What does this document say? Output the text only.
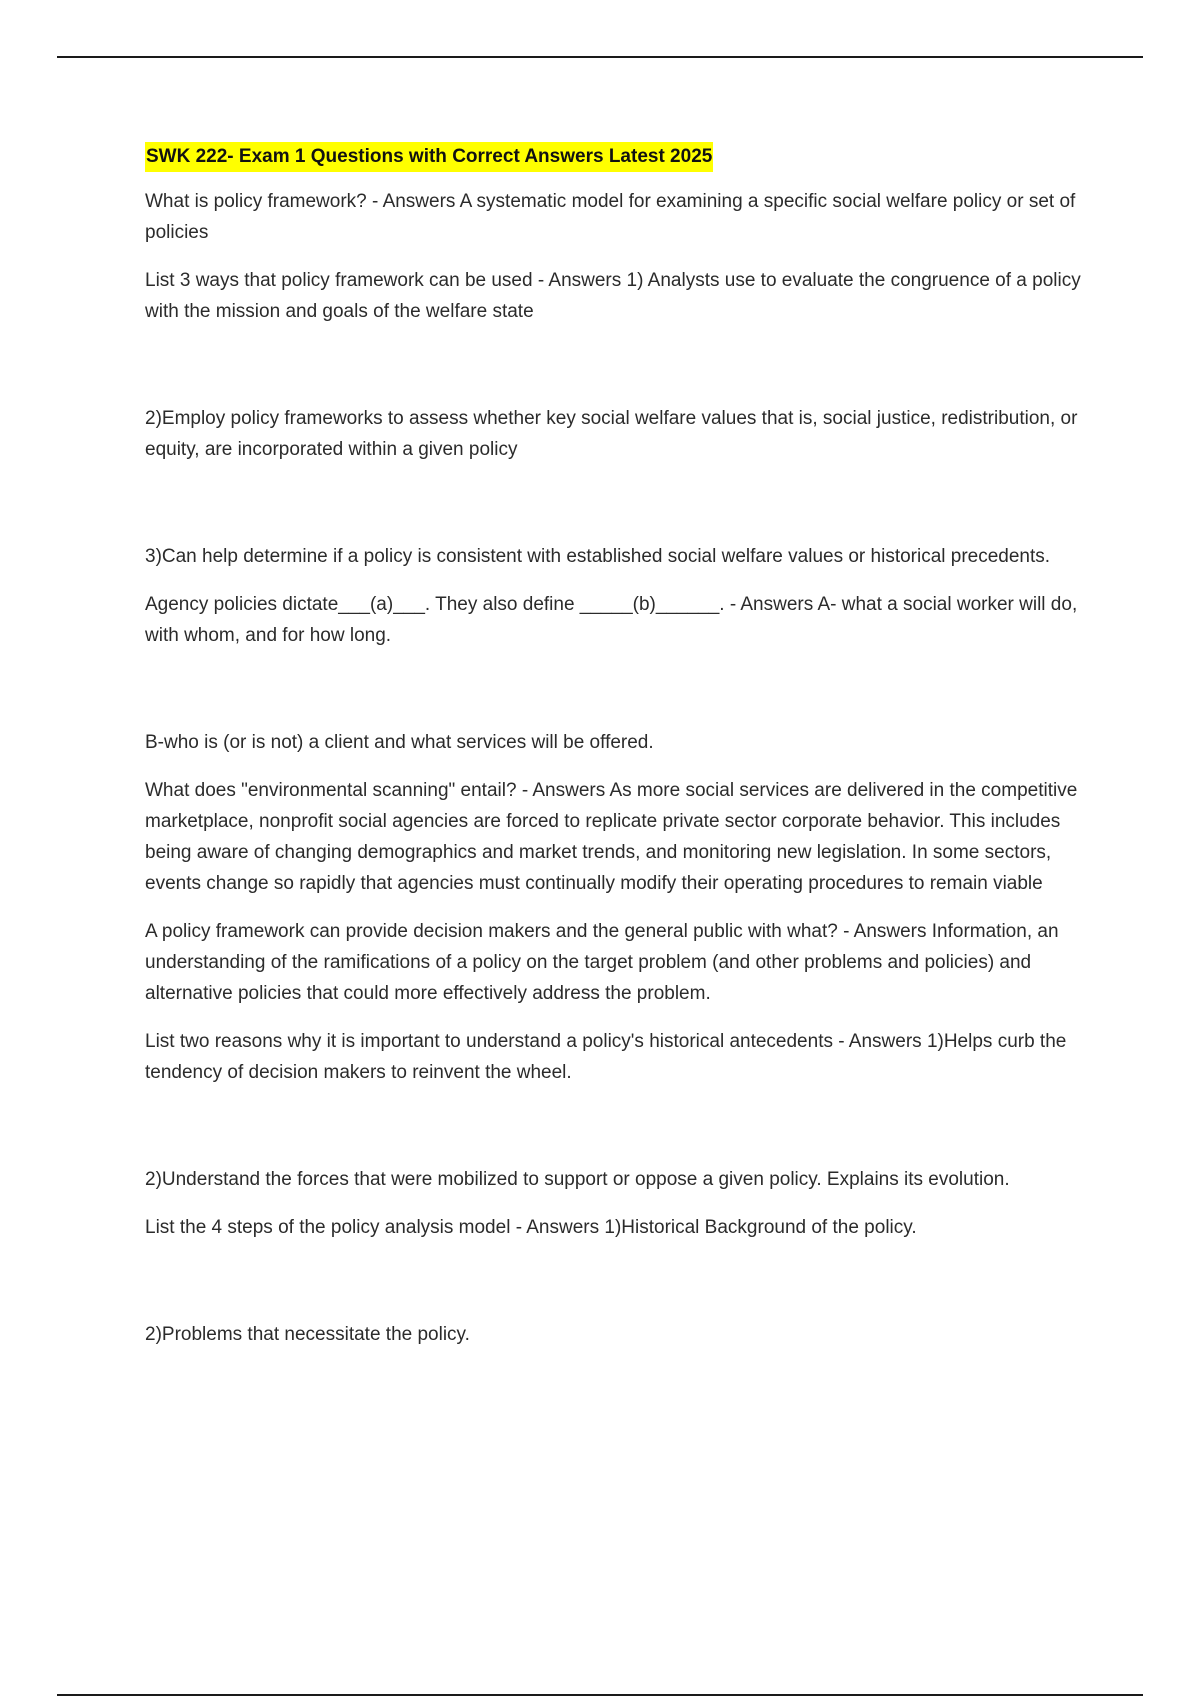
SWK 222- Exam 1 Questions with Correct Answers Latest 2025

What is policy framework? - Answers A systematic model for examining a specific social welfare policy or set of policies

List 3 ways that policy framework can be used - Answers 1) Analysts use to evaluate the congruence of a policy with the mission and goals of the welfare state

2)Employ policy frameworks to assess whether key social welfare values that is, social justice, redistribution, or equity, are incorporated within a given policy

3)Can help determine if a policy is consistent with established social welfare values or historical precedents.

Agency policies dictate___(a)___. They also define _____(b)______. - Answers A- what a social worker will do, with whom, and for how long.

B-who is (or is not) a client and what services will be offered.

What does "environmental scanning" entail? - Answers As more social services are delivered in the competitive marketplace, nonprofit social agencies are forced to replicate private sector corporate behavior. This includes being aware of changing demographics and market trends, and monitoring new legislation. In some sectors, events change so rapidly that agencies must continually modify their operating procedures to remain viable

A policy framework can provide decision makers and the general public with what? - Answers Information, an understanding of the ramifications of a policy on the target problem (and other problems and policies) and alternative policies that could more effectively address the problem.

List two reasons why it is important to understand a policy's historical antecedents - Answers 1)Helps curb the tendency of decision makers to reinvent the wheel.

2)Understand the forces that were mobilized to support or oppose a given policy. Explains its evolution.

List the 4 steps of the policy analysis model - Answers 1)Historical Background of the policy.

2)Problems that necessitate the policy.
